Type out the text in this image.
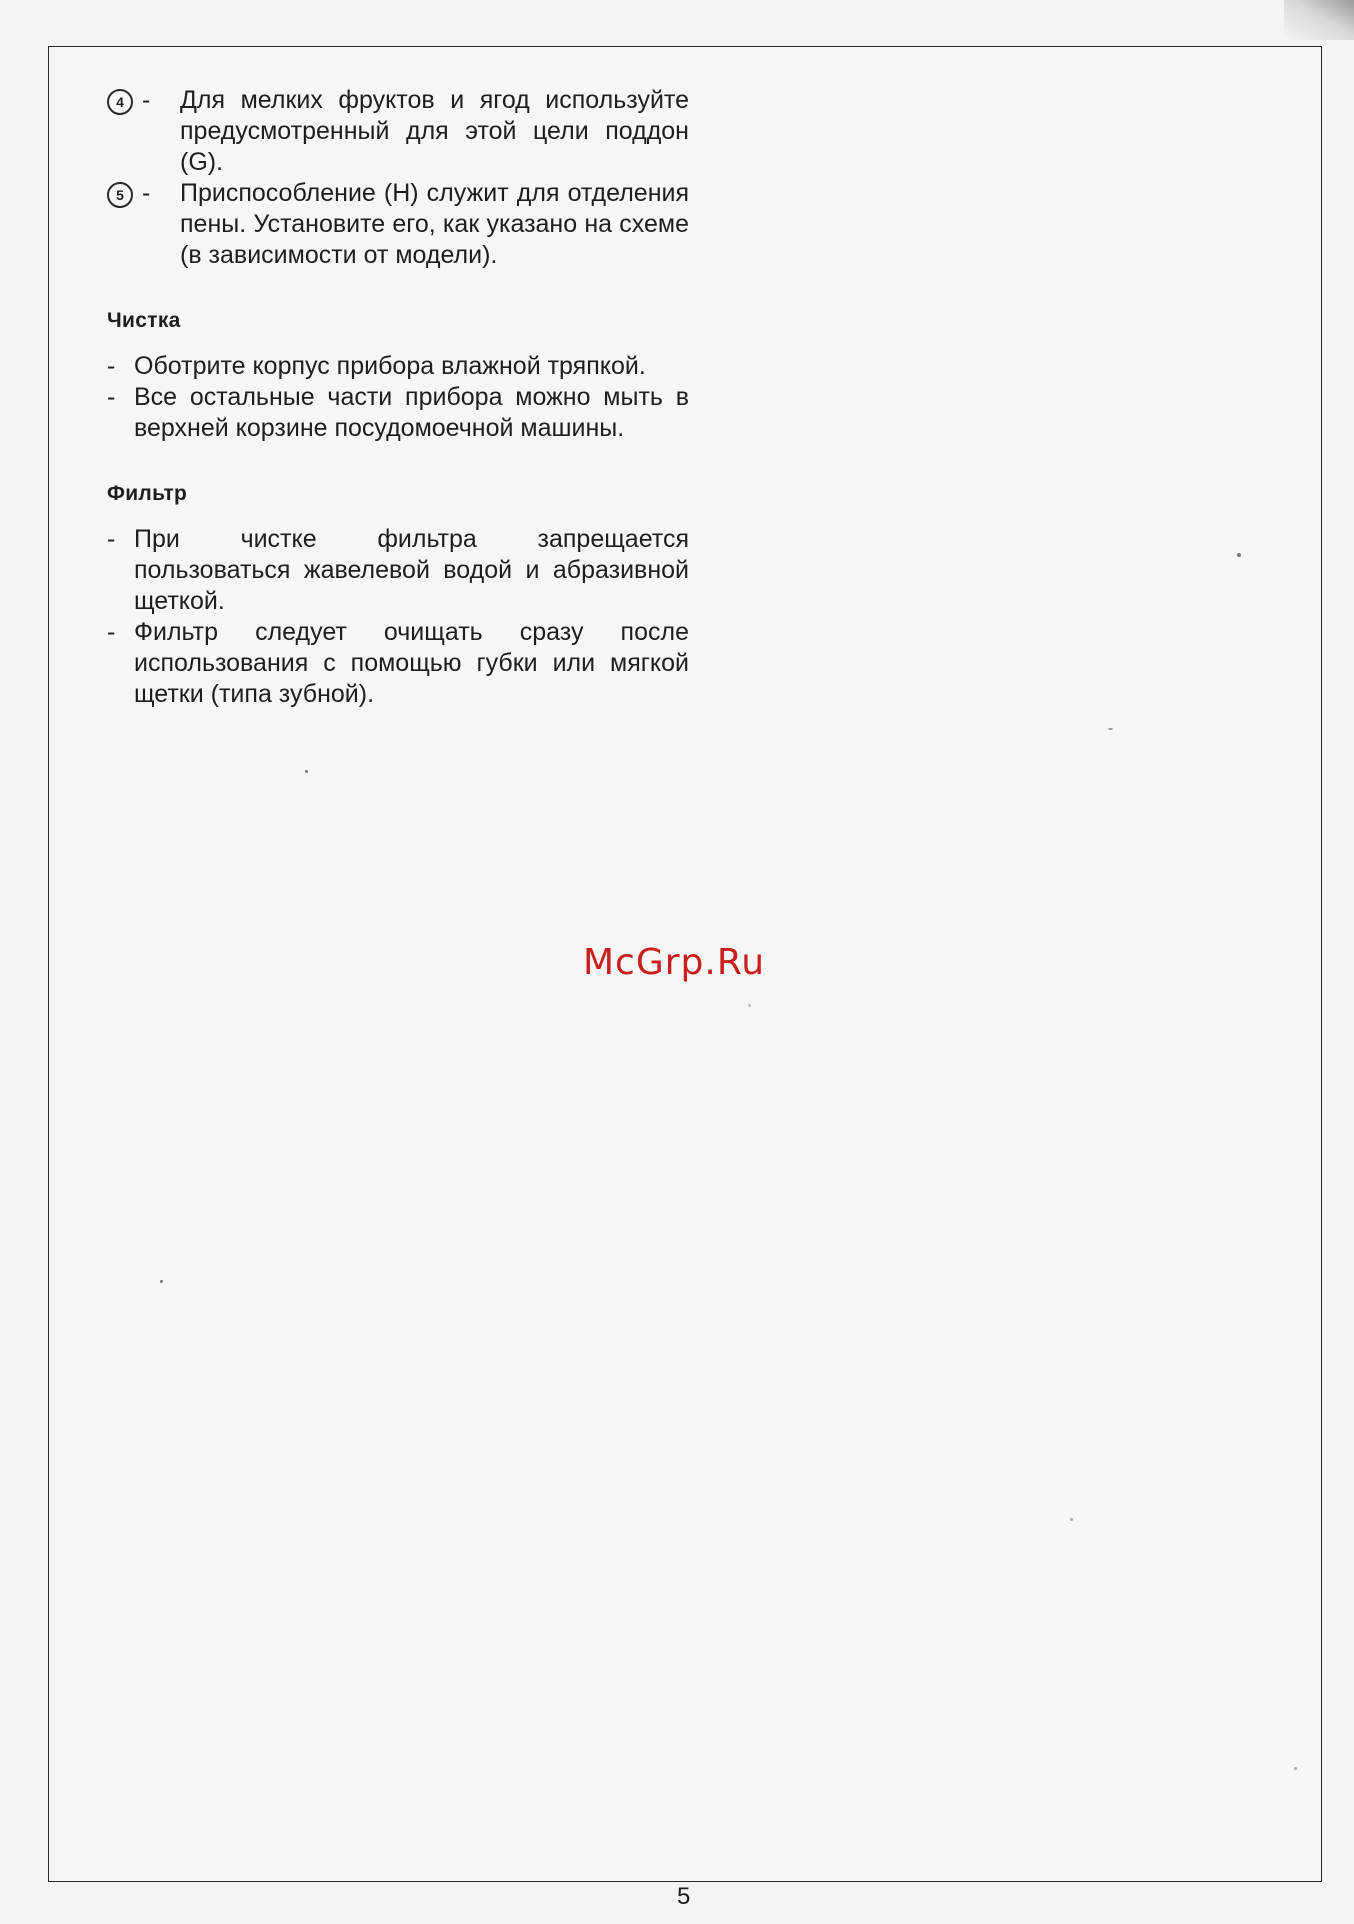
4 - Для мелких фруктов и ягод используйте предусмотренный для этой цели поддон (G).

5 - Приспособление (H) служит для отделения пены. Установите его, как указано на схеме (в зависимости от модели).

Чистка

- Оботрите корпус прибора влажной тряпкой.

- Все остальные части прибора можно мыть в верхней корзине посудомоечной машины.

Фильтр

- При чистке фильтра запрещается пользоваться жавелевой водой и абразивной щеткой.

- Фильтр следует очищать сразу после использования с помощью губки или мягкой щетки (типа зубной).

McGrp.Ru
5
